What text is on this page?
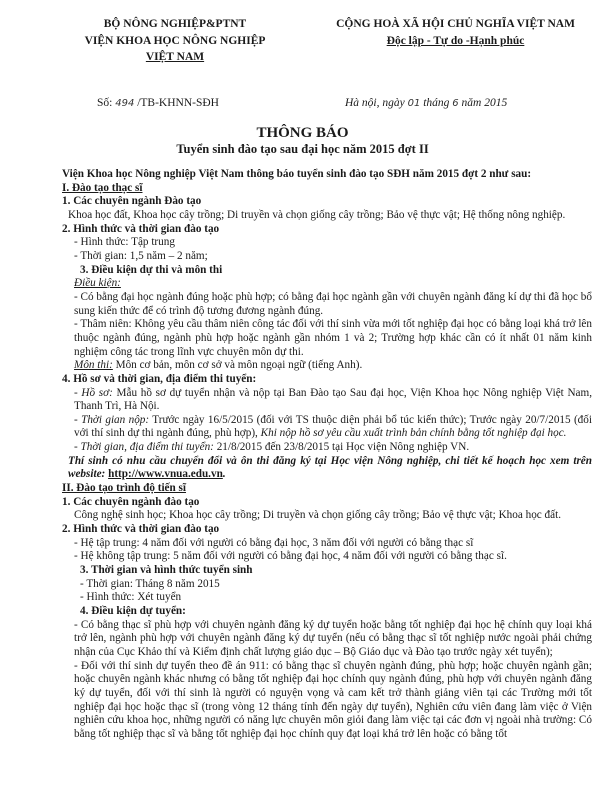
BỘ NÔNG NGHIỆP&PTNT
VIỆN KHOA HỌC NÔNG NGHIỆP
VIỆT NAM
CỘNG HOÀ XÃ HỘI CHỦ NGHĨA VIỆT NAM
Độc lập - Tự do -Hạnh phúc
Số: 494 /TB-KHNN-SĐH	Hà nội, ngày 01 tháng 6 năm 2015
THÔNG BÁO
Tuyển sinh đào tạo sau đại học năm 2015 đợt II

Viện Khoa học Nông nghiệp Việt Nam thông báo tuyển sinh đào tạo SĐH năm 2015 đợt 2 như sau:

I. Đào tạo thạc sĩ

1. Các chuyên ngành Đào tạo

Khoa học đất, Khoa học cây trồng; Di truyền và chọn giống cây trồng; Bảo vệ thực vật; Hệ thống nông nghiệp.

2. Hình thức và thời gian đào tạo

- Hình thức: Tập trung

- Thời gian: 1,5 năm – 2 năm;

3. Điều kiện dự thi và môn thi

Điều kiện:

- Có bằng đại học ngành đúng hoặc phù hợp; có bằng đại học ngành gần với chuyên ngành đăng kí dự thi đã học bổ sung kiến thức để có trình độ tương đương ngành đúng.

- Thâm niên: Không yêu cầu thâm niên công tác đối với thí sinh vừa mới tốt nghiệp đại học có bằng loại khá trở lên thuộc ngành đúng, ngành phù hợp hoặc ngành gần nhóm 1 và 2; Trường hợp khác cần có ít nhất 01 năm kinh nghiệm công tác trong lĩnh vực chuyên môn dự thi.

Môn thi: Môn cơ bản, môn cơ sở và môn ngoại ngữ (tiếng Anh).

4. Hồ sơ và thời gian, địa điểm thi tuyển:

- Hồ sơ: Mẫu hồ sơ dự tuyển nhận và nộp tại Ban Đào tạo Sau đại học, Viện Khoa học Nông nghiệp Việt Nam, Thanh Trì, Hà Nội.

- Thời gian nộp: Trước ngày 16/5/2015 (đối với TS thuộc diện phải bổ túc kiến thức); Trước ngày 20/7/2015 (đối với thí sinh dự thi ngành đúng, phù hợp), Khi nộp hồ sơ yêu cầu xuất trình bản chính bằng tốt nghiệp đại học.

- Thời gian, địa điểm thi tuyển: 21/8/2015 đến 23/8/2015 tại Học viện Nông nghiệp VN.

Thí sinh có nhu cầu chuyển đổi và ôn thi đăng ký tại Học viện Nông nghiệp, chi tiết kế hoạch học xem trên website: http://www.vnua.edu.vn.

II. Đào tạo trình độ tiến sĩ

1. Các chuyên ngành đào tạo

Công nghệ sinh học; Khoa học cây trồng; Di truyền và chọn giống cây trồng; Bảo vệ thực vật; Khoa học đất.

2. Hình thức và thời gian đào tạo

- Hệ tập trung: 4 năm đối với người có bằng đại học, 3 năm đối với người có bằng thạc sĩ

- Hệ không tập trung: 5 năm đối với người có bằng đại học, 4 năm đối với người có bằng thạc sĩ.

3. Thời gian và hình thức tuyển sinh

- Thời gian: Tháng 8 năm 2015

- Hình thức: Xét tuyển

4. Điều kiện dự tuyển:

- Có bằng thạc sĩ phù hợp với chuyên ngành đăng ký dự tuyển hoặc bằng tốt nghiệp đại học hệ chính quy loại khá trở lên, ngành phù hợp với chuyên ngành đăng ký dự tuyển (nếu có bằng thạc sĩ tốt nghiệp nước ngoài phải chứng nhận của Cục Khảo thí và Kiểm định chất lượng giáo dục – Bộ Giáo dục và Đào tạo trước ngày xét tuyển);

- Đối với thí sinh dự tuyển theo đề án 911: có bằng thạc sĩ chuyên ngành đúng, phù hợp; hoặc chuyên ngành gần; hoặc chuyên ngành khác nhưng có bằng tốt nghiệp đại học chính quy ngành đúng, phù hợp với chuyên ngành đăng ký dự tuyển, đối với thí sinh là người có nguyện vọng và cam kết trở thành giảng viên tại các Trường mới tốt nghiệp đại học hoặc thạc sĩ (trong vòng 12 tháng tính đến ngày dự tuyển), Nghiên cứu viên đang làm việc ở Viện nghiên cứu khoa học, những người có năng lực chuyên môn giỏi đang làm việc tại các đơn vị ngoài nhà trường: Có bằng tốt nghiệp thạc sĩ và bằng tốt nghiệp đại học chính quy đạt loại khá trở lên hoặc có bằng tốt
